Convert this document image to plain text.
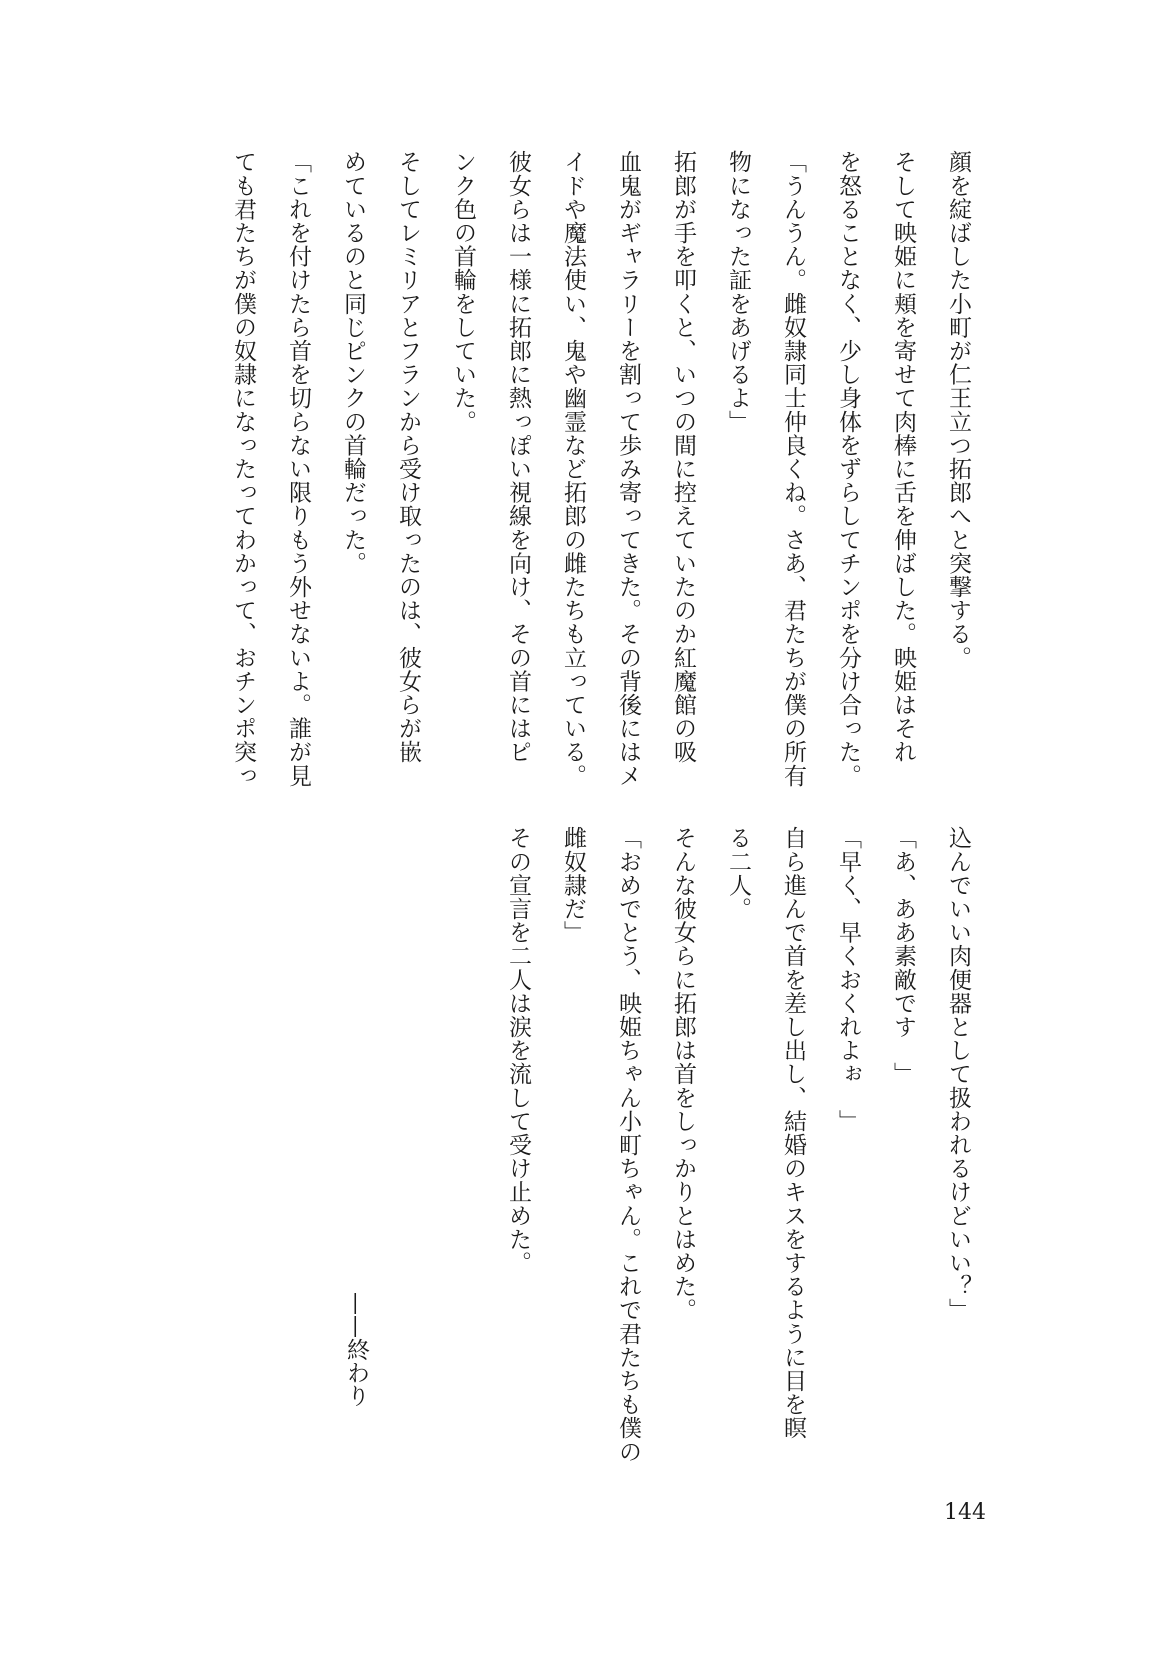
顔を綻ばした小町が仁王立つ拓郎へと突撃する。
そして映姫に頬を寄せて肉棒に舌を伸ばした。映姫はそれ
を怒ることなく、少し身体をずらしてチンポを分け合った。
「うんうん。雌奴隷同士仲良くね。さあ、君たちが僕の所有
物になった証をあげるよ」
拓郎が手を叩くと、いつの間に控えていたのか紅魔館の吸
血鬼がギャラリーを割って歩み寄ってきた。その背後にはメ
イドや魔法使い、鬼や幽霊など拓郎の雌たちも立っている。
彼女らは一様に拓郎に熱っぽい視線を向け、その首にはピ
ンク色の首輪をしていた。
そしてレミリアとフランから受け取ったのは、彼女らが嵌
めているのと同じピンクの首輪だった。
「これを付けたら首を切らない限りもう外せないよ。誰が見
ても君たちが僕の奴隷になったってわかって、おチンポ突っ
込んでいい肉便器として扱われるけどいい？」
「あ、ああ素敵です　」
「早く、早くおくれよぉ　」
自ら進んで首を差し出し、結婚のキスをするように目を瞑
る二人。
そんな彼女らに拓郎は首をしっかりとはめた。
「おめでとう、映姫ちゃん小町ちゃん。これで君たちも僕の
雌奴隷だ」
その宣言を二人は涙を流して受け止めた。
——終わり
144
